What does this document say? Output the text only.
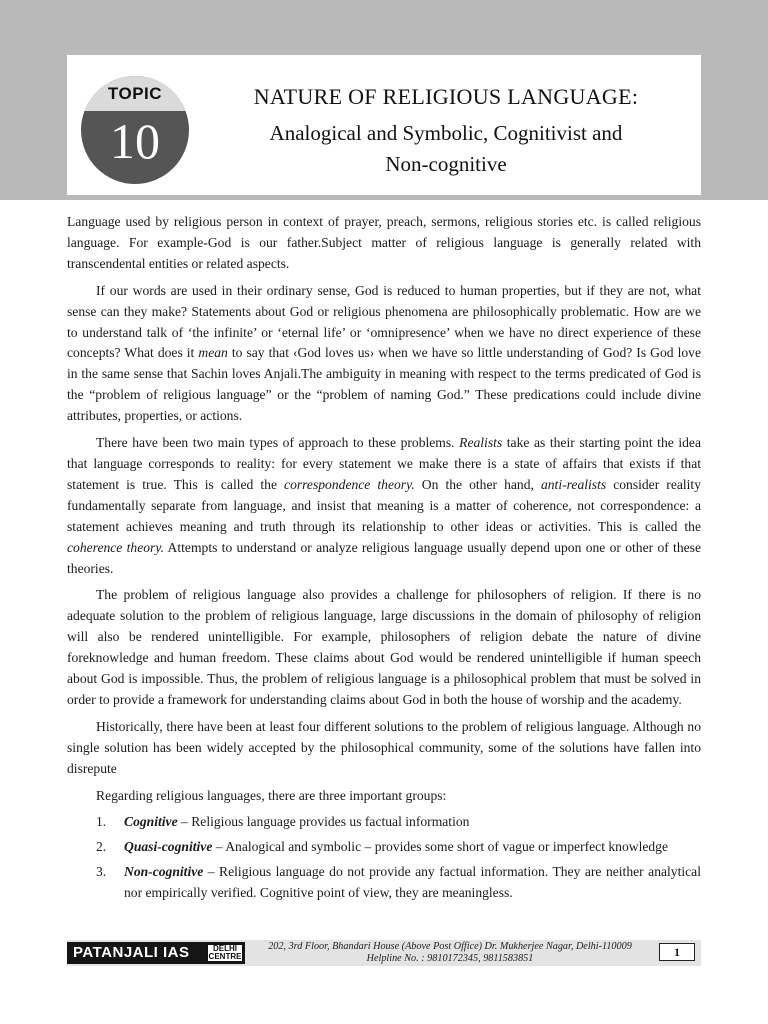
TOPIC
10
NATURE OF RELIGIOUS LANGUAGE:
Analogical and Symbolic, Cognitivist and
Non-cognitive

Language used by religious person in context of prayer, preach, sermons, religious stories etc. is called religious language. For example-God is our father.Subject matter of religious language is generally related with transcendental entities or related aspects.

If our words are used in their ordinary sense, God is reduced to human properties, but if they are not, what sense can they make? Statements about God or religious phenomena are philosophically problematic. How are we to understand talk of ‘the infinite’ or ‘eternal life’ or ‘omnipresence’ when we have no direct experience of these concepts? What does it mean to say that ‹God loves us› when we have so little understanding of God? Is God love in the same sense that Sachin loves Anjali.The ambiguity in meaning with respect to the terms predicated of God is the “problem of religious language” or the “problem of naming God.” These predications could include divine attributes, properties, or actions.

There have been two main types of approach to these problems. Realists take as their starting point the idea that language corresponds to reality: for every statement we make there is a state of affairs that exists if that statement is true. This is called the correspondence theory. On the other hand, anti-realists consider reality fundamentally separate from language, and insist that meaning is a matter of coherence, not correspondence: a statement achieves meaning and truth through its relationship to other ideas or activities. This is called the coherence theory. Attempts to understand or analyze religious language usually depend upon one or other of these theories.

The problem of religious language also provides a challenge for philosophers of religion. If there is no adequate solution to the problem of religious language, large discussions in the domain of philosophy of religion will also be rendered unintelligible. For example, philosophers of religion debate the nature of divine foreknowledge and human freedom. These claims about God would be rendered unintelligible if human speech about God is impossible. Thus, the problem of religious language is a philosophical problem that must be solved in order to provide a framework for understanding claims about God in both the house of worship and the academy.

Historically, there have been at least four different solutions to the problem of religious language. Although no single solution has been widely accepted by the philosophical community, some of the solutions have fallen into disrepute

Regarding religious languages, there are three important groups:

1. Cognitive – Religious language provides us factual information
2. Quasi-cognitive – Analogical and symbolic – provides some short of vague or imperfect knowledge
3. Non-cognitive – Religious language do not provide any factual information. They are neither analytical nor empirically verified. Cognitive point of view, they are meaningless.
PATANJALI IAS	DELHI
CENTRE
202, 3rd Floor, Bhandari House (Above Post Office) Dr. Mukherjee Nagar, Delhi-110009
Helpline No. : 9810172345, 9811583851	1
